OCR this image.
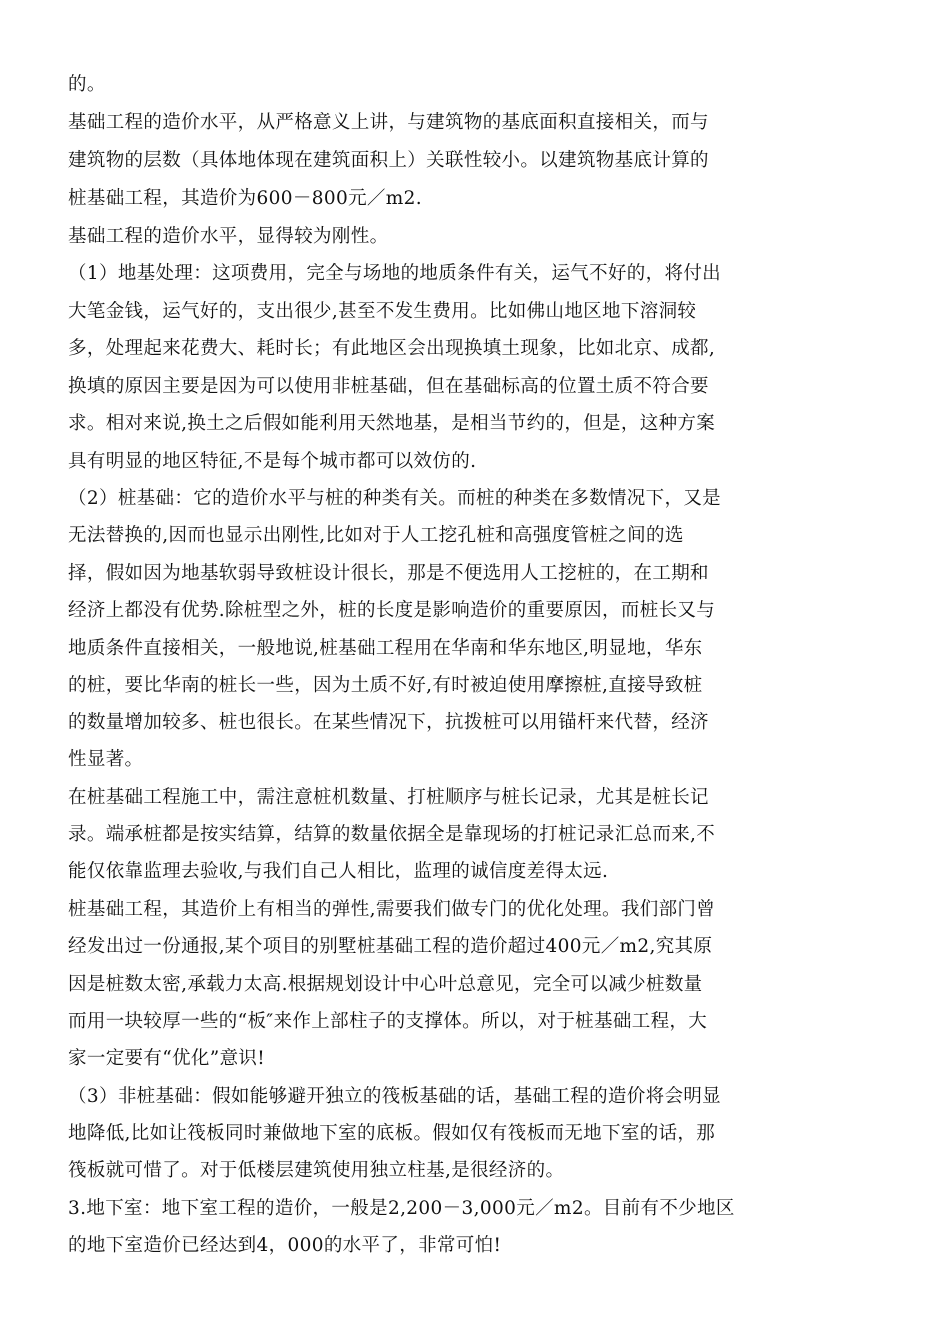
的。
基础工程的造价水平，从严格意义上讲，与建筑物的基底面积直接相关，而与
建筑物的层数（具体地体现在建筑面积上）关联性较小。以建筑物基底计算的
桩基础工程，其造价为600－800元／m2.
基础工程的造价水平，显得较为刚性。
（1）地基处理：这项费用，完全与场地的地质条件有关，运气不好的，将付出
大笔金钱，运气好的，支出很少,甚至不发生费用。比如佛山地区地下溶洞较
多，处理起来花费大、耗时长；有此地区会出现换填土现象，比如北京、成都,
换填的原因主要是因为可以使用非桩基础，但在基础标高的位置土质不符合要
求。相对来说,换土之后假如能利用天然地基，是相当节约的，但是，这种方案
具有明显的地区特征,不是每个城市都可以效仿的.
（2）桩基础：它的造价水平与桩的种类有关。而桩的种类在多数情况下，又是
无法替换的,因而也显示出刚性,比如对于人工挖孔桩和高强度管桩之间的选
择，假如因为地基软弱导致桩设计很长，那是不便选用人工挖桩的，在工期和
经济上都没有优势.除桩型之外，桩的长度是影响造价的重要原因，而桩长又与
地质条件直接相关，一般地说,桩基础工程用在华南和华东地区,明显地，华东
的桩，要比华南的桩长一些，因为土质不好,有时被迫使用摩擦桩,直接导致桩
的数量增加较多、桩也很长。在某些情况下，抗拨桩可以用锚杆来代替，经济
性显著。
在桩基础工程施工中，需注意桩机数量、打桩顺序与桩长记录，尤其是桩长记
录。端承桩都是按实结算，结算的数量依据全是靠现场的打桩记录汇总而来,不
能仅依靠监理去验收,与我们自己人相比，监理的诚信度差得太远.
桩基础工程，其造价上有相当的弹性,需要我们做专门的优化处理。我们部门曾
经发出过一份通报,某个项目的别墅桩基础工程的造价超过400元／m2,究其原
因是桩数太密,承载力太高.根据规划设计中心叶总意见，完全可以减少桩数量
而用一块较厚一些的“板″来作上部柱子的支撑体。所以，对于桩基础工程，大
家一定要有“优化”意识!
（3）非桩基础：假如能够避开独立的筏板基础的话，基础工程的造价将会明显
地降低,比如让筏板同时兼做地下室的底板。假如仅有筏板而无地下室的话，那
筏板就可惜了。对于低楼层建筑使用独立柱基,是很经济的。
3.地下室：地下室工程的造价，一般是2,200－3,000元／m2。目前有不少地区
的地下室造价已经达到4，000的水平了，非常可怕!
